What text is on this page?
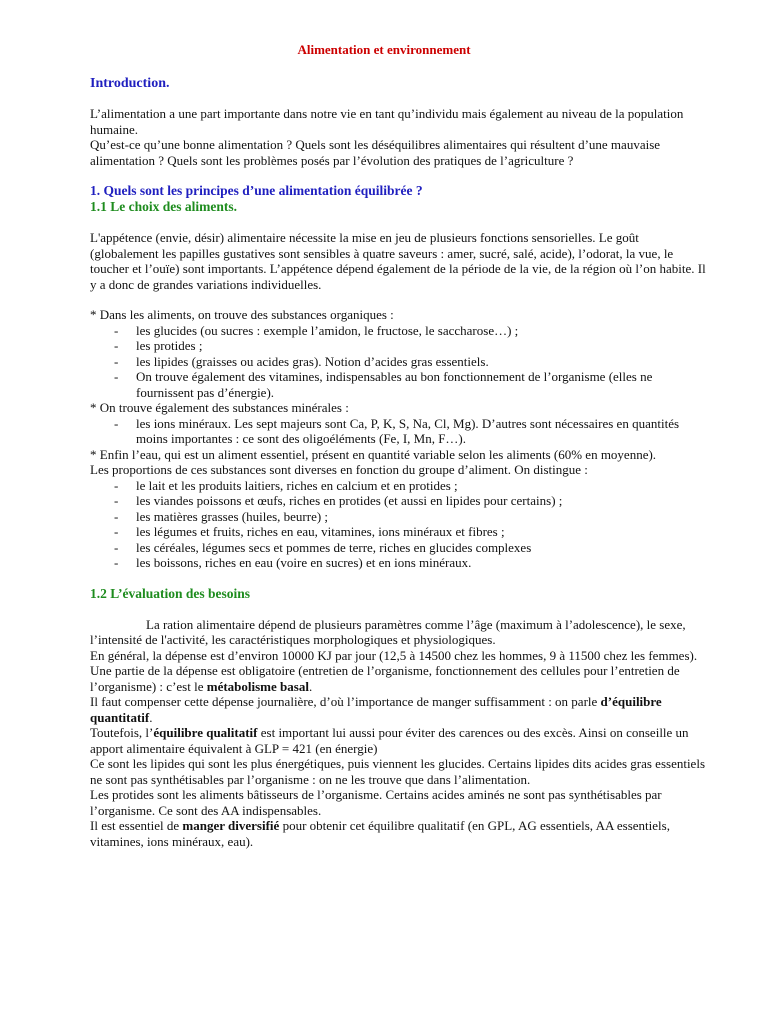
Alimentation et environnement
Introduction.

L’alimentation a une part importante dans notre vie en tant qu’individu mais également au niveau de la population humaine.

Qu’est-ce qu’une bonne alimentation ? Quels sont les déséquilibres alimentaires qui résultent d’une mauvaise alimentation ? Quels sont les problèmes posés par l’évolution des pratiques de l’agriculture ?

1. Quels sont les principes d’une alimentation équilibrée ?
1.1 Le choix des aliments.

L'appétence (envie, désir) alimentaire nécessite la mise en jeu de plusieurs fonctions sensorielles. Le goût (globalement les papilles gustatives sont sensibles à quatre saveurs : amer, sucré, salé, acide), l’odorat, la vue, le toucher et l’ouïe) sont importants. L’appétence dépend également de la période de la vie, de la région où l’on habite. Il y a donc de grandes variations individuelles.

* Dans les aliments, on trouve des substances organiques :

- les glucides (ou sucres : exemple l’amidon, le fructose, le saccharose…) ;
- les protides ;
- les lipides (graisses ou acides gras). Notion d’acides gras essentiels.
- On trouve également des vitamines, indispensables au bon fonctionnement de l’organisme (elles ne fournissent pas d’énergie).

* On trouve également des substances minérales :

- les ions minéraux. Les sept majeurs sont Ca, P, K, S, Na, Cl, Mg). D’autres sont nécessaires en quantités moins importantes : ce sont des oligoéléments (Fe, I, Mn, F…).

* Enfin l’eau, qui est un aliment essentiel, présent en quantité variable selon les aliments (60% en moyenne).

Les proportions de ces substances sont diverses en fonction du groupe d’aliment. On distingue :

- le lait et les produits laitiers, riches en calcium et en protides ;
- les viandes poissons et œufs, riches en protides (et aussi en lipides pour certains) ;
- les matières grasses (huiles, beurre) ;
- les légumes et fruits, riches en eau, vitamines, ions minéraux et fibres ;
- les céréales, légumes secs et pommes de terre, riches en glucides complexes
- les boissons, riches en eau (voire en sucres) et en ions minéraux.
1.2 L’évaluation des besoins

La ration alimentaire dépend de plusieurs paramètres comme l’âge (maximum à l’adolescence), le sexe, l’intensité de l'activité, les caractéristiques morphologiques et physiologiques.

En général, la dépense est d’environ 10000 KJ par jour (12,5 à 14500 chez les hommes, 9 à 11500 chez les femmes). Une partie de la dépense est obligatoire (entretien de l’organisme, fonctionnement des cellules pour l’entretien de l’organisme) : c’est le métabolisme basal.

Il faut compenser cette dépense journalière, d’où l’importance de manger suffisamment : on parle d’équilibre quantitatif.

Toutefois, l’équilibre qualitatif est important lui aussi pour éviter des carences ou des excès. Ainsi on conseille un apport alimentaire équivalent à GLP = 421 (en énergie)

Ce sont les lipides qui sont les plus énergétiques, puis viennent les glucides. Certains lipides dits acides gras essentiels ne sont pas synthétisables par l’organisme : on ne les trouve que dans l’alimentation.

Les protides sont les aliments bâtisseurs de l’organisme. Certains acides aminés ne sont pas synthétisables par l’organisme. Ce sont des AA indispensables.

Il est essentiel de manger diversifié pour obtenir cet équilibre qualitatif (en GPL, AG essentiels, AA essentiels, vitamines, ions minéraux, eau).
